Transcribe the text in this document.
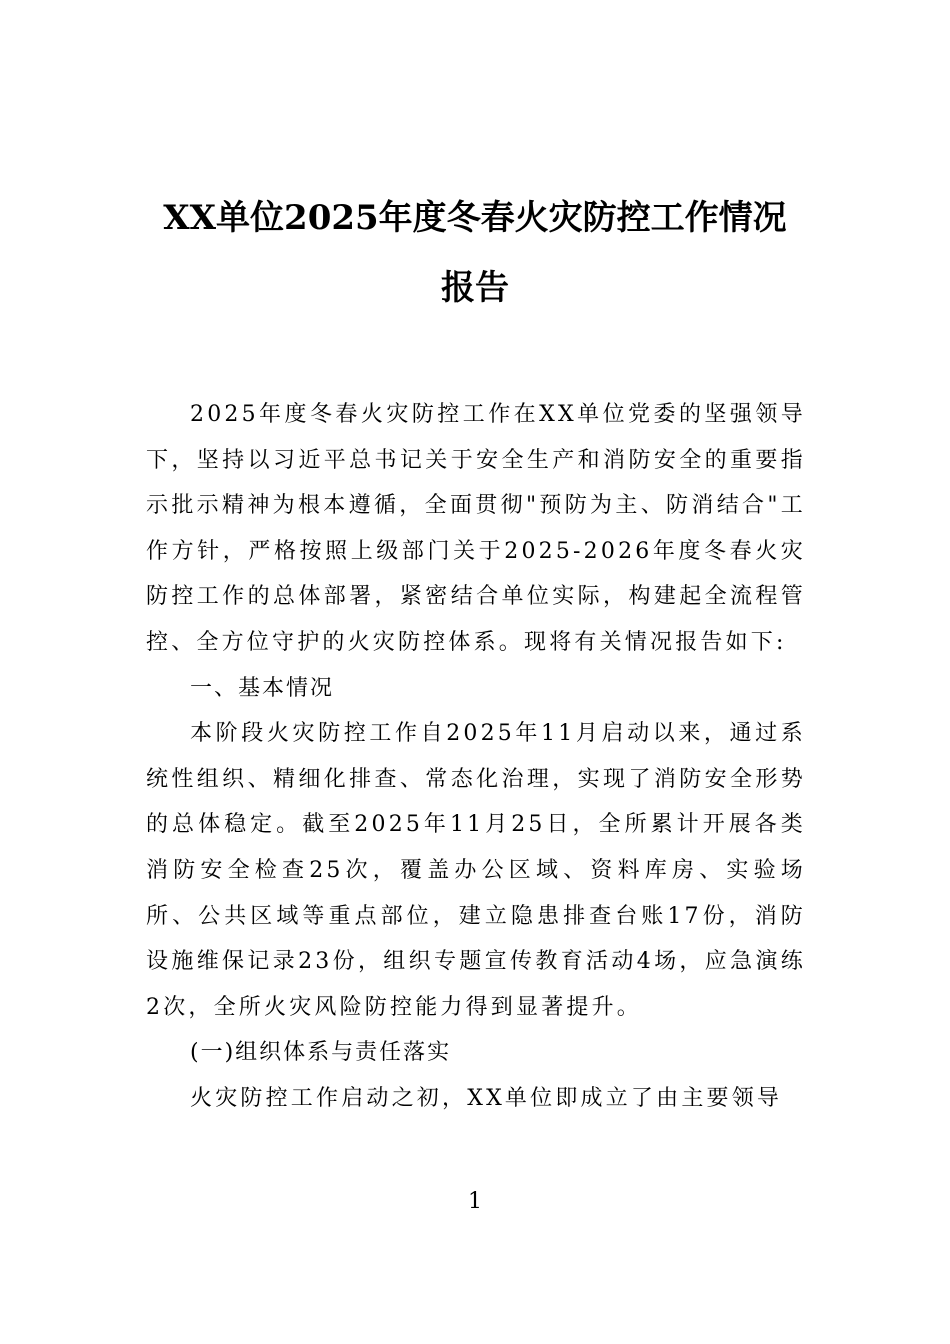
XX单位2025年度冬春火灾防控工作情况
报告

2025年度冬春火灾防控工作在XX单位党委的坚强领导下，坚持以习近平总书记关于安全生产和消防安全的重要指示批示精神为根本遵循，全面贯彻"预防为主、防消结合"工作方针，严格按照上级部门关于2025-2026年度冬春火灾防控工作的总体部署，紧密结合单位实际，构建起全流程管控、全方位守护的火灾防控体系。现将有关情况报告如下:

一、基本情况

本阶段火灾防控工作自2025年11月启动以来，通过系统性组织、精细化排查、常态化治理，实现了消防安全形势的总体稳定。截至2025年11月25日，全所累计开展各类消防安全检查25次，覆盖办公区域、资料库房、实验场所、公共区域等重点部位，建立隐患排查台账17份，消防设施维保记录23份，组织专题宣传教育活动4场，应急演练2次，全所火灾风险防控能力得到显著提升。

(一)组织体系与责任落实

火灾防控工作启动之初，XX单位即成立了由主要领导

1
